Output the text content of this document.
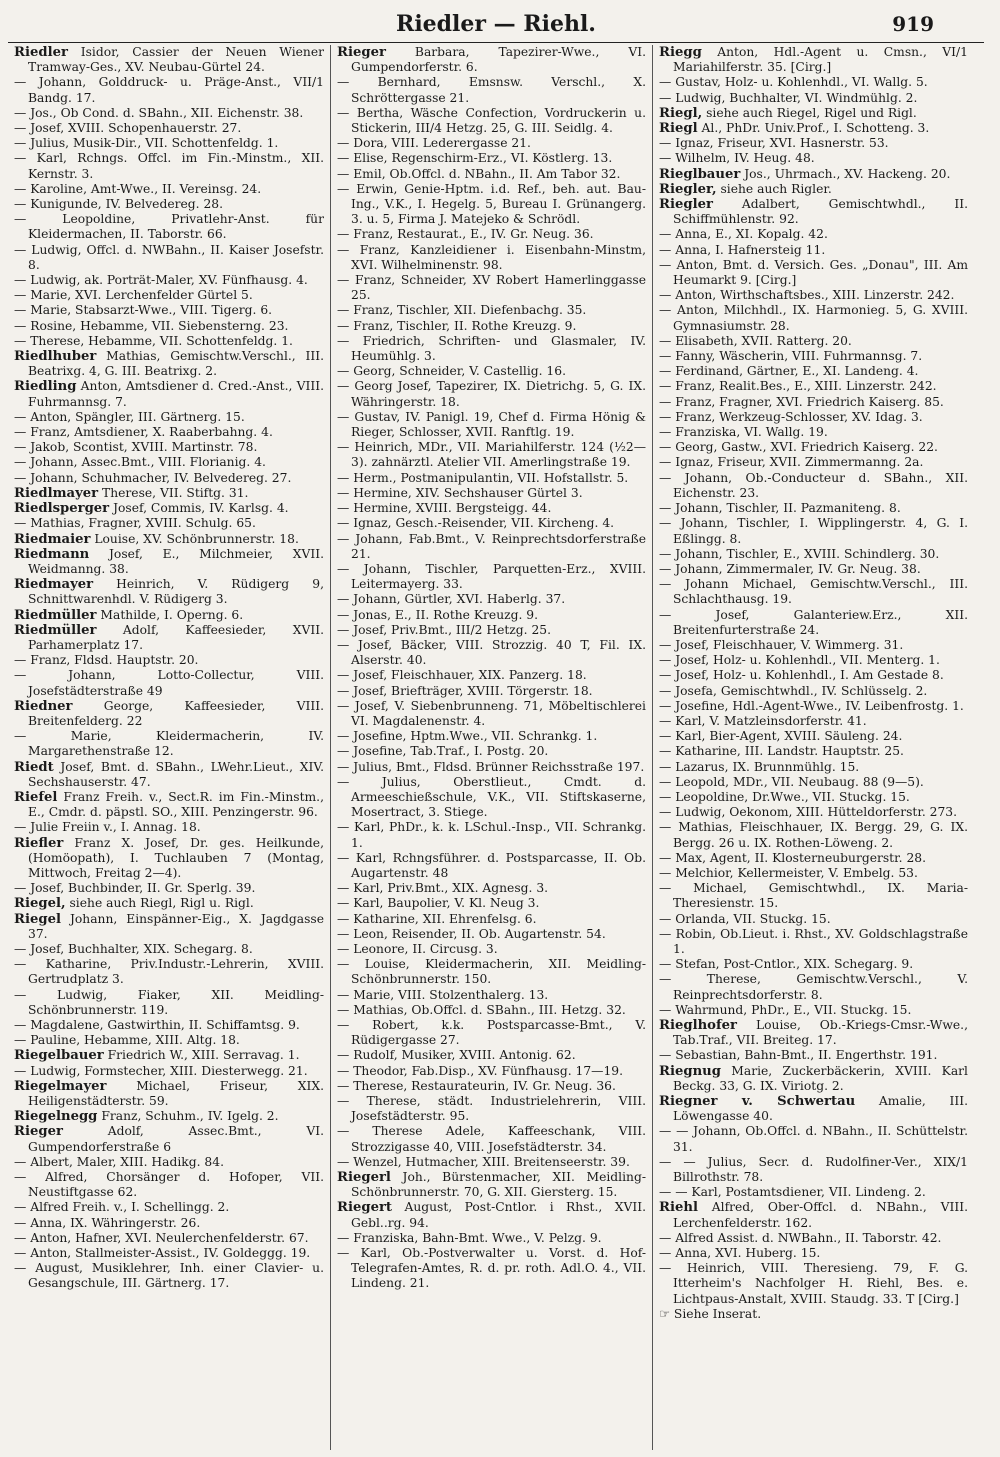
Riedler — Riehl.	919
Riedler Isidor, Cassier der Neuen Wiener Tramway-Ges., XV. Neubau-Gürtel 24.
— Johann, Golddruck- u. Präge-Anst., VII/1 Bandg. 17.
— Jos., Ob Cond. d. SBahn., XII. Eichenstr. 38.
— Josef, XVIII. Schopenhauerstr. 27.
— Julius, Musik-Dir., VII. Schottenfeldg. 1.
— Karl, Rchngs. Offcl. im Fin.-Minstm., XII. Kernstr. 3.
— Karoline, Amt-Wwe., II. Vereinsg. 24.
— Kunigunde, IV. Belvedereg. 28.
— Leopoldine, Privatlehr-Anst. für Kleidermachen, II. Taborstr. 66.
— Ludwig, Offcl. d. NWBahn., II. Kaiser Josefstr. 8.
— Ludwig, ak. Porträt-Maler, XV. Fünfhausg. 4.
— Marie, XVI. Lerchenfelder Gürtel 5.
— Marie, Stabsarzt-Wwe., VIII. Tigerg. 6.
— Rosine, Hebamme, VII. Siebensterng. 23.
— Therese, Hebamme, VII. Schottenfeldg. 1.
Riedlhuber Mathias, Gemischtw.Verschl., III. Beatrixg. 4, G. III. Beatrixg. 2.
Riedling Anton, Amtsdiener d. Cred.-Anst., VIII. Fuhrmannsg. 7.
— Anton, Spängler, III. Gärtnerg. 15.
— Franz, Amtsdiener, X. Raaberbahng. 4.
— Jakob, Scontist, XVIII. Martinstr. 78.
— Johann, Assec.Bmt., VIII. Florianig. 4.
— Johann, Schuhmacher, IV. Belvedereg. 27.
Riedlmayer Therese, VII. Stiftg. 31.
Riedlsperger Josef, Commis, IV. Karlsg. 4.
— Mathias, Fragner, XVIII. Schulg. 65.
Riedmaier Louise, XV. Schönbrunnerstr. 18.
Riedmann Josef, E., Milchmeier, XVII. Weidmanng. 38.
Riedmayer Heinrich, V. Rüdigerg 9, Schnittwarenhdl. V. Rüdigerg 3.
Riedmüller Mathilde, I. Operng. 6.
Riedmüller Adolf, Kaffeesieder, XVII. Parhamerplatz 17.
— Franz, Fldsd. Hauptstr. 20.
— Johann, Lotto-Collectur, VIII. Josefstädterstraße 49
Riedner	George, Kaffeesieder, VIII. Breitenfelderg. 22
— Marie, Kleidermacherin, IV. Margarethenstraße 12.
Riedt Josef, Bmt. d. SBahn., LWehr.Lieut., XIV. Sechshauserstr. 47.
Riefel Franz Freih. v., Sect.R. im Fin.-Minstm., E., Cmdr. d. päpstl. SO., XIII. Penzingerstr. 96.
— Julie Freiin v., I. Annag. 18.
Riefler Franz X. Josef, Dr. ges. Heilkunde, (Homöopath), I. Tuchlauben 7 (Montag, Mittwoch, Freitag 2—4).
— Josef, Buchbinder, II. Gr. Sperlg. 39.
Riegel, siehe auch Riegl, Rigl u. Rigl.
Riegel Johann, Einspänner-Eig., X. Jagdgasse 37.
— Josef, Buchhalter, XIX. Schegarg. 8.
— Katharine, Priv.Industr.-Lehrerin, XVIII. Gertrudplatz 3.
— Ludwig, Fiaker, XII. Meidling-Schönbrunnerstr. 119.
— Magdalene, Gastwirthin, II. Schiffamtsg. 9.
— Pauline, Hebamme, XIII. Altg. 18.
Riegelbauer Friedrich W., XIII. Serravag. 1.
— Ludwig, Formstecher, XIII. Diesterwegg. 21.
Riegelmayer Michael, Friseur, XIX. Heiligenstädterstr. 59.
Riegelnegg Franz, Schuhm., IV. Igelg. 2.
Rieger	Adolf, Assec.Bmt., VI. Gumpendorferstraße 6
— Albert, Maler, XIII. Hadikg. 84.
— Alfred, Chorsänger d. Hofoper, VII. Neustiftgasse 62.
— Alfred Freih. v., I. Schellingg. 2.
— Anna, IX. Währingerstr. 26.
— Anton, Hafner, XVI. Neulerchenfelderstr. 67.
— Anton, Stallmeister-Assist., IV. Goldeggg. 19.
— August, Musiklehrer, Inh. einer Clavier- u. Gesangschule, III. Gärtnerg. 17.
Rieger Barbara, Tapezirer-Wwe., VI. Gumpendorferstr. 6.
— Bernhard, Emsnsw. Verschl., X. Schröttergasse 21.
— Bertha, Wäsche Confection, Vordruckerin u. Stickerin, III/4 Hetzg. 25, G. III. Seidlg. 4.
— Dora, VIII. Lederergasse 21.
— Elise, Regenschirm-Erz., VI. Köstlerg. 13.
— Emil, Ob.Offcl. d. NBahn., II. Am Tabor 32.
— Erwin, Genie-Hptm. i.d. Ref., beh. aut. Bau-Ing., V.K., I. Hegelg. 5, Bureau I. Grünangerg. 3. u. 5, Firma J. Matejeko & Schrödl.
— Franz, Restaurat., E., IV. Gr. Neug. 36.
— Franz, Kanzleidiener i. Eisenbahn-Minstm, XVI. Wilhelminenstr. 98.
— Franz, Schneider, XV Robert Hamerlinggasse 25.
— Franz, Tischler, XII. Diefenbachg. 35.
— Franz, Tischler, II. Rothe Kreuzg. 9.
— Friedrich, Schriften- und Glasmaler, IV. Heumühlg. 3.
— Georg, Schneider, V. Castellig. 16.
— Georg Josef, Tapezirer, IX. Dietrichg. 5, G. IX. Währingerstr. 18.
— Gustav, IV. Panigl. 19, Chef d. Firma Hönig & Rieger, Schlosser, XVII. Ranftlg. 19.
— Heinrich, MDr., VII. Mariahilferstr. 124 (½2—3). zahnärztl. Atelier VII. Amerlingstraße 19.
— Herm., Postmanipulantin, VII. Hofstallstr. 5.
— Hermine, XIV. Sechshauser Gürtel 3.
— Hermine, XVIII. Bergsteigg. 44.
— Ignaz, Gesch.-Reisender, VII. Kircheng. 4.
— Johann, Fab.Bmt., V. Reinprechtsdorferstraße 21.
— Johann, Tischler, Parquetten-Erz., XVIII. Leitermayerg. 33.
— Johann, Gürtler, XVI. Haberlg. 37.
— Jonas, E., II. Rothe Kreuzg. 9.
— Josef, Priv.Bmt., III/2 Hetzg. 25.
— Josef, Bäcker, VIII. Strozzig. 40 T, Fil. IX. Alserstr. 40.
— Josef, Fleischhauer, XIX. Panzerg. 18.
— Josef, Briefträger, XVIII. Törgerstr. 18.
— Josef, V. Siebenbrunneng. 71, Möbeltischlerei VI. Magdalenenstr. 4.
— Josefine, Hptm.Wwe., VII. Schrankg. 1.
— Josefine, Tab.Traf., I. Postg. 20.
— Julius, Bmt., Fldsd. Brünner Reichsstraße 197.
— Julius, Oberstlieut., Cmdt. d. Armeeschießschule, V.K., VII. Stiftskaserne, Mosertract, 3. Stiege.
— Karl, PhDr., k. k. LSchul.-Insp., VII. Schrankg. 1.
— Karl, Rchngsführer. d. Postsparcasse, II. Ob. Augartenstr. 48
— Karl, Priv.Bmt., XIX. Agnesg. 3.
— Karl, Baupolier, V. Kl. Neug 3.
— Katharine, XII. Ehrenfelsg. 6.
— Leon, Reisender, II. Ob. Augartenstr. 54.
— Leonore, II. Circusg. 3.
— Louise, Kleidermacherin, XII. Meidling-Schönbrunnerstr. 150.
— Marie, VIII. Stolzenthalerg. 13.
— Mathias, Ob.Offcl. d. SBahn., III. Hetzg. 32.
— Robert, k.k. Postsparcasse-Bmt., V. Rüdigergasse 27.
— Rudolf, Musiker, XVIII. Antonig. 62.
— Theodor, Fab.Disp., XV. Fünfhausg. 17—19.
— Therese, Restaurateurin, IV. Gr. Neug. 36.
— Therese, städt. Industrielehrerin, VIII. Josefstädterstr. 95.
— Therese Adele, Kaffeeschank, VIII. Strozzigasse 40, VIII. Josefstädterstr. 34.
— Wenzel, Hutmacher, XIII. Breitenseerstr. 39.
Riegerl Joh., Bürstenmacher, XII. Meidling-Schönbrunnerstr. 70, G. XII. Giersterg. 15.
Riegert August, Post-Cntlor. i Rhst., XVII. Gebl..rg. 94.
— Franziska, Bahn-Bmt. Wwe., V. Pelzg. 9.
— Karl, Ob.-Postverwalter u. Vorst. d. Hof-Telegrafen-Amtes, R. d. pr. roth. Adl.O. 4., VII. Lindeng. 21.
Riegg Anton, Hdl.-Agent u. Cmsn., VI/1 Mariahilferstr. 35. [Cirg.]
— Gustav, Holz- u. Kohlenhdl., VI. Wallg. 5.
— Ludwig, Buchhalter, VI. Windmühlg. 2.
Riegl, siehe auch Riegel, Rigel und Rigl.
Riegl Al., PhDr. Univ.Prof., I. Schotteng. 3.
— Ignaz, Friseur, XVI. Hasnerstr. 53.
— Wilhelm, IV. Heug. 48.
Rieglbauer Jos., Uhrmach., XV. Hackeng. 20.
Riegler, siehe auch Rigler.
Riegler Adalbert, Gemischtwhdl., II. Schiffmühlenstr. 92.
— Anna, E., XI. Kopalg. 42.
— Anna, I. Hafnersteig 11.
— Anton, Bmt. d. Versich. Ges. „Donau", III. Am Heumarkt 9. [Cirg.]
— Anton, Wirthschaftsbes., XIII. Linzerstr. 242.
— Anton, Milchhdl., IX. Harmonieg. 5, G. XVIII. Gymnasiumstr. 28.
— Elisabeth, XVII. Ratterg. 20.
— Fanny, Wäscherin, VIII. Fuhrmannsg. 7.
— Ferdinand, Gärtner, E., XI. Landeng. 4.
— Franz, Realit.Bes., E., XIII. Linzerstr. 242.
— Franz, Fragner, XVI. Friedrich Kaiserg. 85.
— Franz, Werkzeug-Schlosser, XV. Idag. 3.
— Franziska, VI. Wallg. 19.
— Georg, Gastw., XVI. Friedrich Kaiserg. 22.
— Ignaz, Friseur, XVII. Zimmermanng. 2a.
— Johann, Ob.-Conducteur d. SBahn., XII. Eichenstr. 23.
— Johann, Tischler, II. Pazmaniteng. 8.
— Johann, Tischler, I. Wipplingerstr. 4, G. I. Eßlingg. 8.
— Johann, Tischler, E., XVIII. Schindlerg. 30.
— Johann, Zimmermaler, IV. Gr. Neug. 38.
— Johann Michael, Gemischtw.Verschl., III. Schlachthausg. 19.
— Josef, Galanteriew.Erz., XII. Breitenfurterstraße 24.
— Josef, Fleischhauer, V. Wimmerg. 31.
— Josef, Holz- u. Kohlenhdl., VII. Menterg. 1.
— Josef, Holz- u. Kohlenhdl., I. Am Gestade 8.
— Josefa, Gemischtwhdl., IV. Schlüsselg. 2.
— Josefine, Hdl.-Agent-Wwe., IV. Leibenfrostg. 1.
— Karl, V. Matzleinsdorferstr. 41.
— Karl, Bier-Agent, XVIII. Säuleng. 24.
— Katharine, III. Landstr. Hauptstr. 25.
— Lazarus, IX. Brunnmühlg. 15.
— Leopold, MDr., VII. Neubaug. 88 (9—5).
— Leopoldine, Dr.Wwe., VII. Stuckg. 15.
— Ludwig, Oekonom, XIII. Hütteldorferstr. 273.
— Mathias, Fleischhauer, IX. Bergg. 29, G. IX. Bergg. 26 u. IX. Rothen-Löweng. 2.
— Max, Agent, II. Klosterneuburgerstr. 28.
— Melchior, Kellermeister, V. Embelg. 53.
— Michael, Gemischtwhdl., IX. Maria-Theresienstr. 15.
— Orlanda, VII. Stuckg. 15.
— Robin, Ob.Lieut. i. Rhst., XV. Goldschlagstraße 1.
— Stefan, Post-Cntlor., XIX. Schegarg. 9.
— Therese, Gemischtw.Verschl., V. Reinprechtsdorferstr. 8.
— Wahrmund, PhDr., E., VII. Stuckg. 15.
Rieglhofer Louise, Ob.-Kriegs-Cmsr.-Wwe., Tab.Traf., VII. Breiteg. 17.
— Sebastian, Bahn-Bmt., II. Engerthstr. 191.
Riegnug Marie, Zuckerbäckerin, XVIII. Karl Beckg. 33, G. IX. Viriotg. 2.
Riegner v. Schwertau Amalie, III. Löwengasse 40.
— — Johann, Ob.Offcl. d. NBahn., II. Schüttelstr. 31.
— — Julius, Secr. d. Rudolfiner-Ver., XIX/1 Billrothstr. 78.
— — Karl, Postamtsdiener, VII. Lindeng. 2.
Riehl Alfred, Ober-Offcl. d. NBahn., VIII. Lerchenfelderstr. 162.
— Alfred Assist. d. NWBahn., II. Taborstr. 42.
— Anna, XVI. Huberg. 15.
— Heinrich, VIII. Theresieng. 79, F. G. Itterheim's Nachfolger H. Riehl, Bes. e. Lichtpaus-Anstalt, XVIII. Staudg. 33. T [Cirg.]
☞ Siehe Inserat.
